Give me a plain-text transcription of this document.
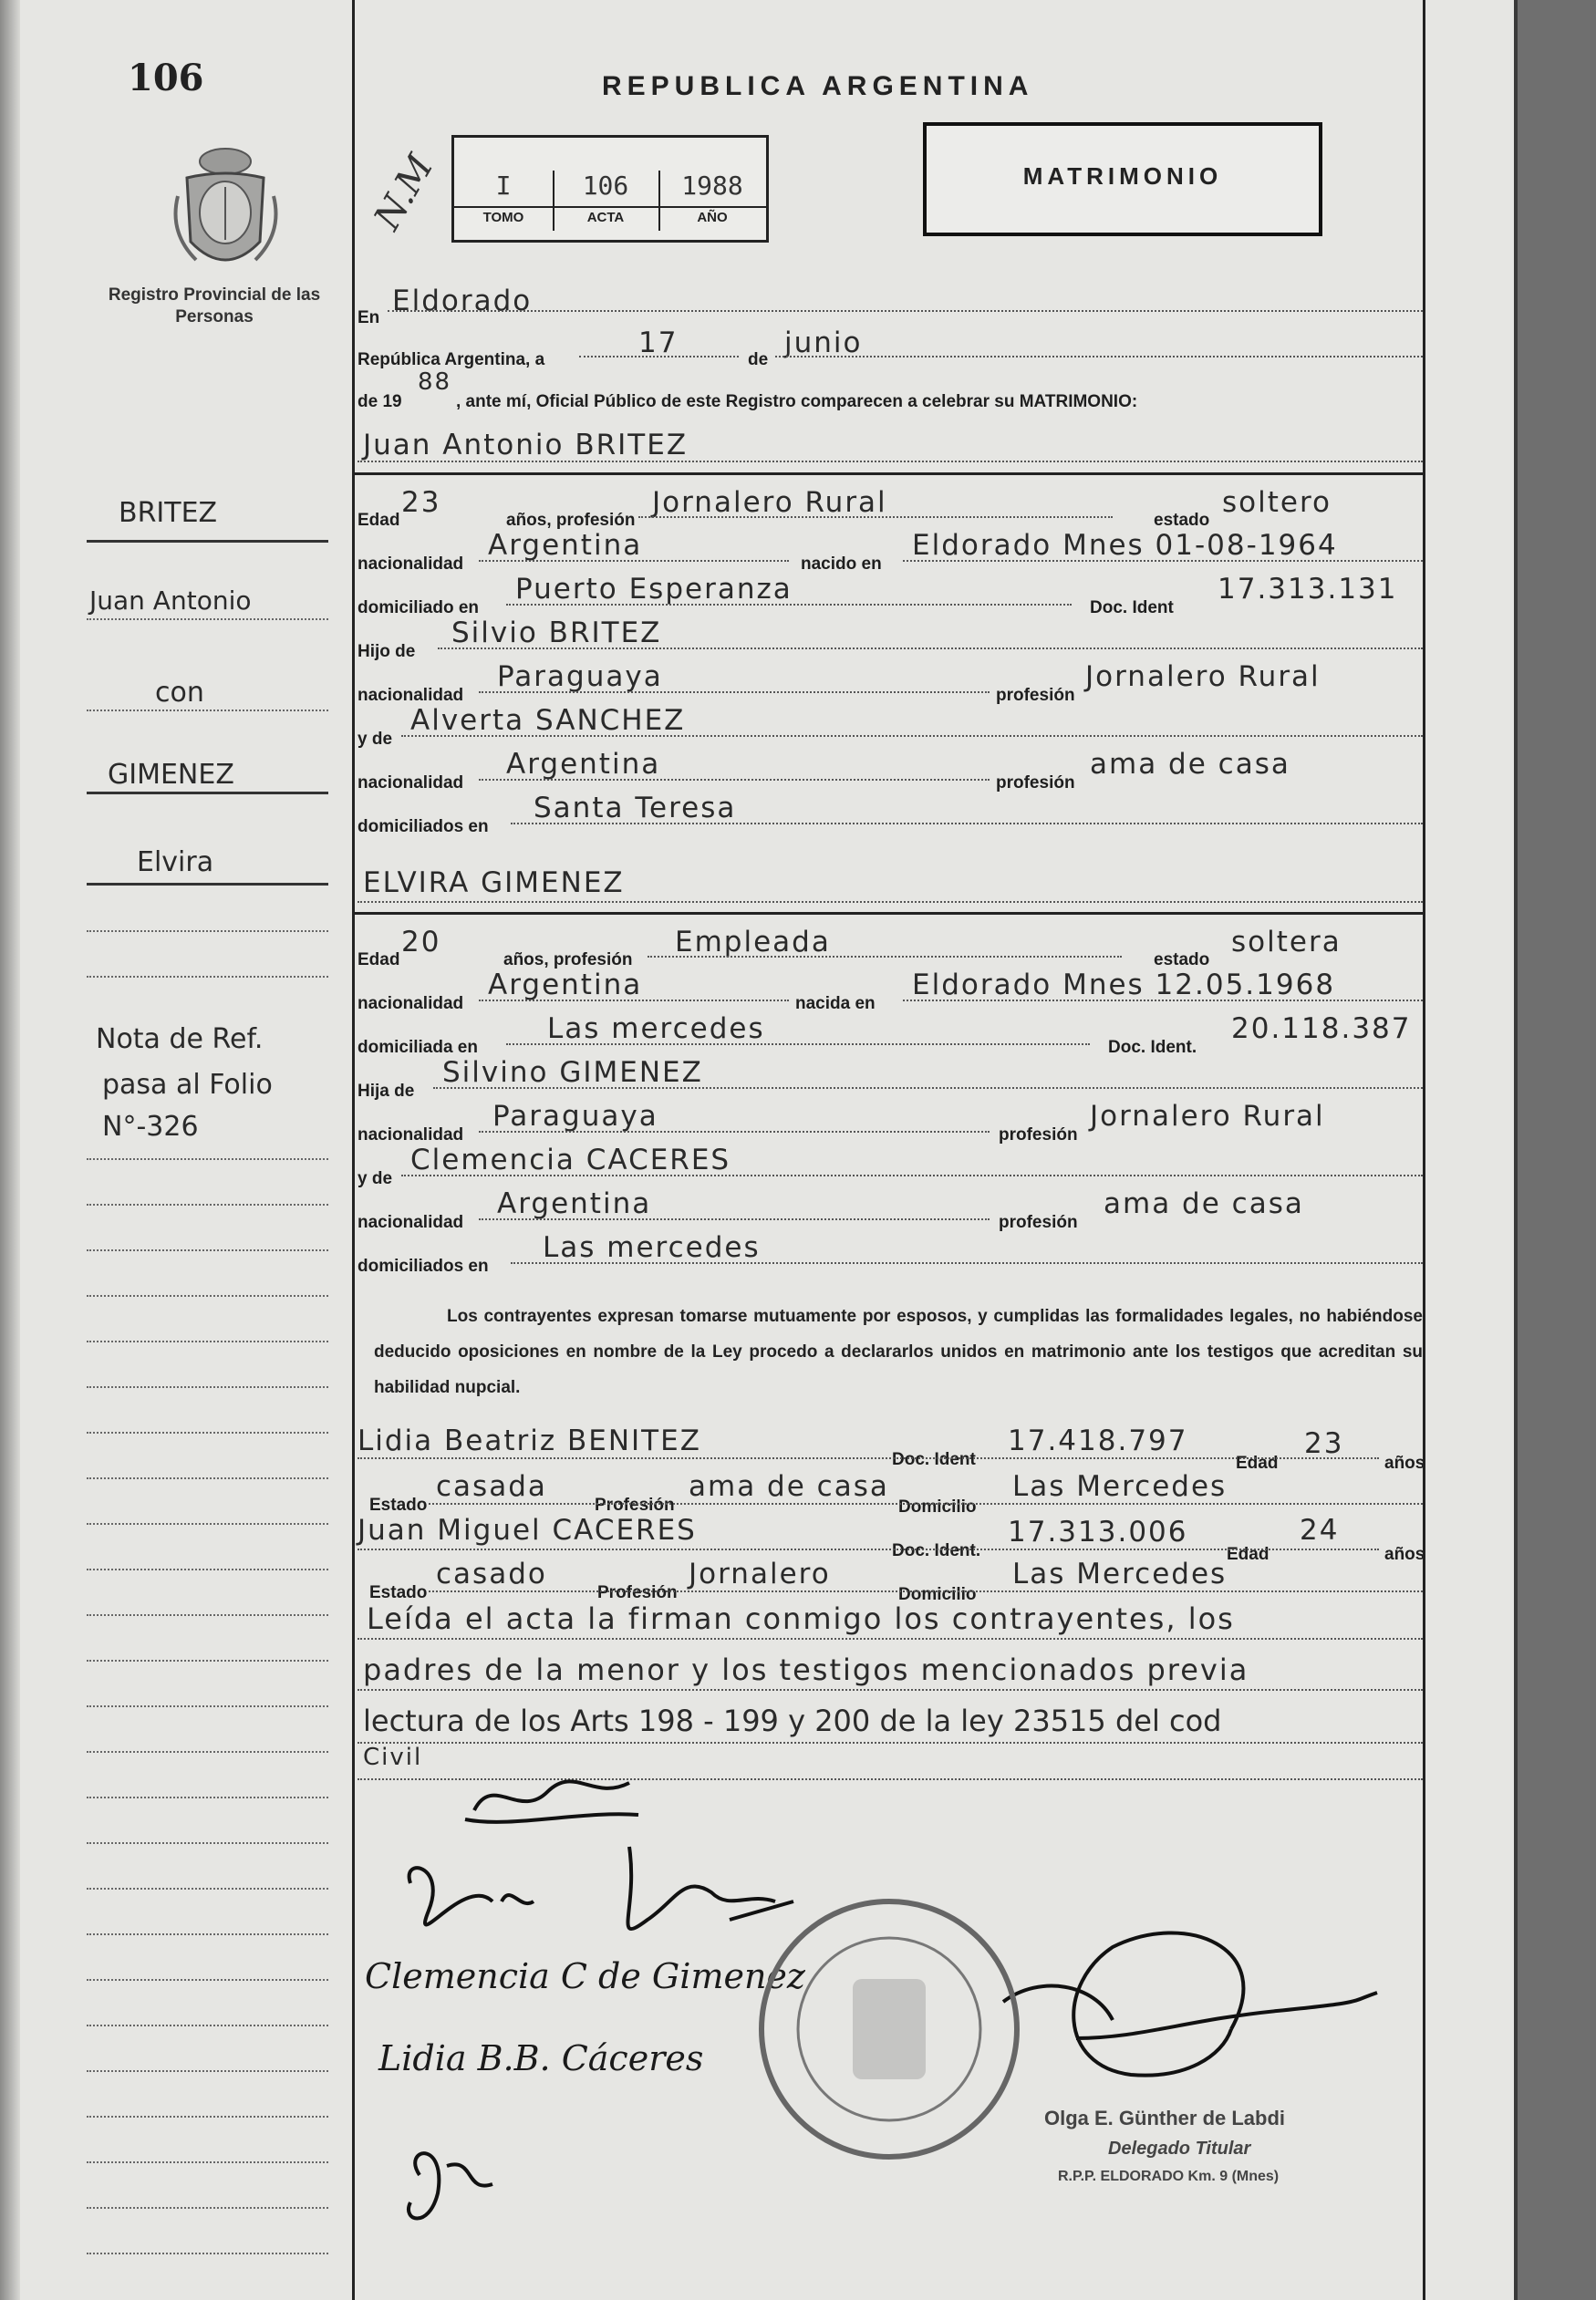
106
Registro Provincial de las Personas
REPUBLICA ARGENTINA
I
TOMO
106
ACTA
1988
AÑO
N.M	MATRIMONIO
En
Eldorado
República Argentina, a
17
de
junio
de 19
88
, ante mí, Oficial Público de este Registro comparecen a celebrar su MATRIMONIO:
Juan Antonio BRITEZ
Edad
23
años, profesión
Jornalero Rural
estado
soltero
nacionalidad
Argentina
nacido en
Eldorado Mnes 01-08-1964
domiciliado en
Puerto Esperanza
Doc. Ident
17.313.131
Hijo de
Silvio BRITEZ
nacionalidad
Paraguaya
profesión
Jornalero Rural
y de
Alverta SANCHEZ
nacionalidad
Argentina
profesión
ama de casa
domiciliados en
Santa Teresa
ELVIRA GIMENEZ
Edad
20
años, profesión
Empleada
estado
soltera
nacionalidad
Argentina
nacida en
Eldorado Mnes 12.05.1968
domiciliada en
Las mercedes
Doc. Ident.
20.118.387
Hija de
Silvino GIMENEZ
nacionalidad
Paraguaya
profesión
Jornalero Rural
y de
Clemencia CACERES
nacionalidad
Argentina
profesión
ama de casa
domiciliados en
Las mercedes
Los contrayentes expresan tomarse mutuamente por esposos, y cumplidas las formalidades legales, no habiéndose deducido oposiciones en nombre de la Ley procedo a declararlos unidos en matrimonio ante los testigos que acreditan su habilidad nupcial.
Lidia Beatriz BENITEZ
Doc. Ident
17.418.797
Edad
23
años
Estado
casada
Profesión
ama de casa
Domicilio
Las Mercedes
Juan Miguel CACERES
Doc. Ident.
17.313.006
Edad
24
años
Estado
casado
Profesión
Jornalero
Domicilio
Las Mercedes
Leída el acta la firman conmigo los contrayentes, los
padres de la menor y los testigos mencionados previa
lectura de los Arts 198 - 199 y 200 de la ley 23515 del cod
Civil
Clemencia C de Gimenez
Lidia B.B. Cáceres
Olga E. Günther de Labdi
Delegado Titular
R.P.P. ELDORADO Km. 9 (Mnes)
BRITEZ
Juan Antonio
con
GIMENEZ
Elvira
Nota de Ref.
pasa al Folio
N°-326
